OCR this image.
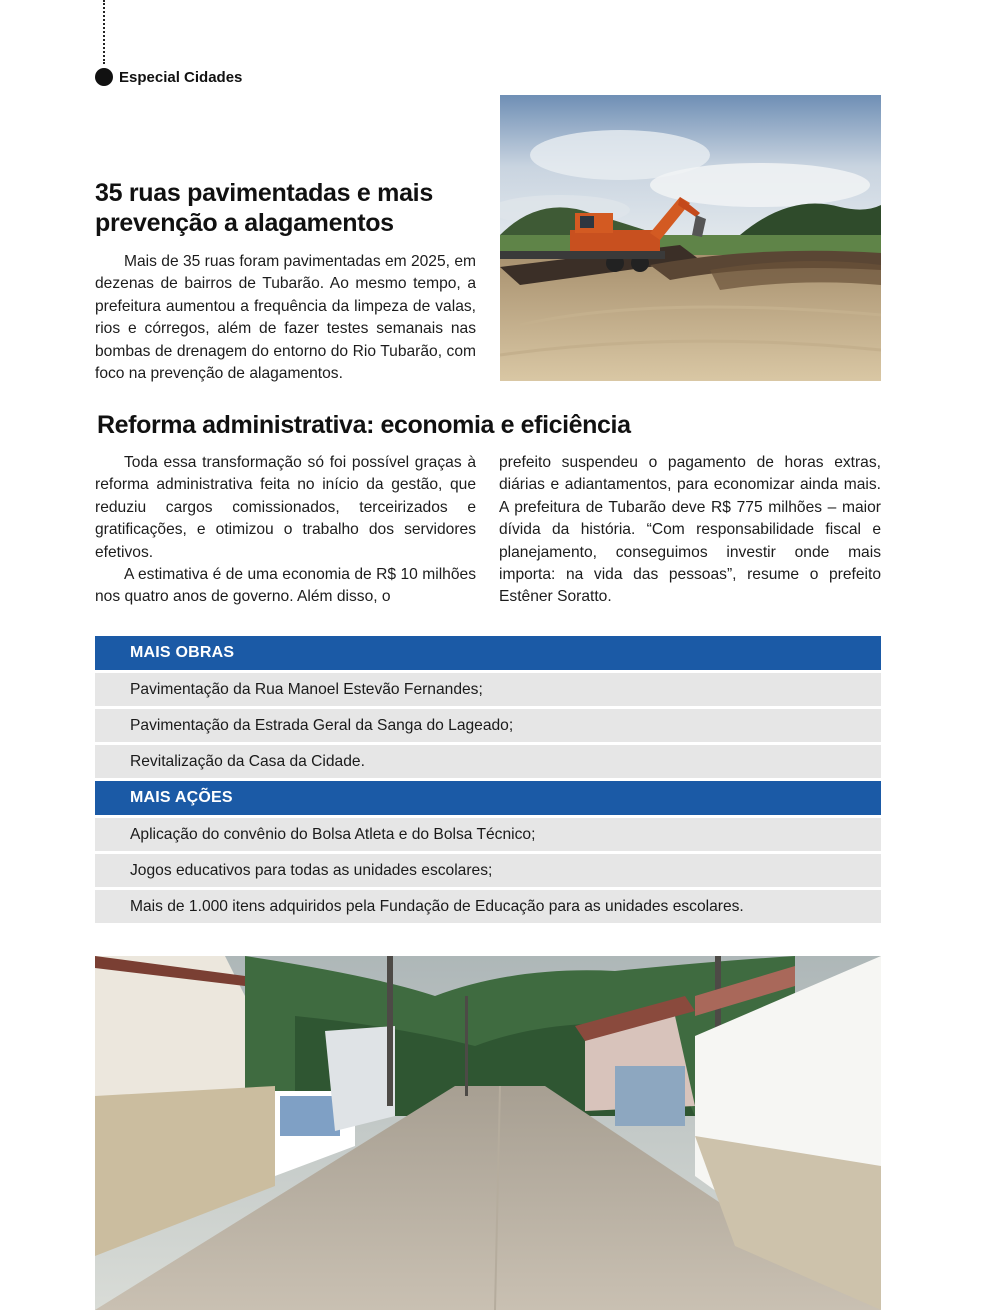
Especial Cidades
35 ruas pavimentadas e mais prevenção a alagamentos

Mais de 35 ruas foram pavimentadas em 2025, em dezenas de bairros de Tubarão. Ao mesmo tempo, a prefeitura aumentou a frequência da limpeza de valas, rios e córregos, além de fazer testes semanais nas bombas de drenagem do entorno do Rio Tubarão, com foco na prevenção de alagamentos.

Reforma administrativa: economia e eficiência

Toda essa transformação só foi possível graças à reforma administrativa feita no início da gestão, que reduziu cargos comissionados, terceirizados e gratificações, e otimizou o trabalho dos servidores efetivos.

A estimativa é de uma economia de R$ 10 milhões nos quatro anos de governo. Além disso, o

prefeito suspendeu o pagamento de horas extras, diárias e adiantamentos, para economizar ainda mais. A prefeitura de Tubarão deve R$ 775 milhões – maior dívida da história. “Com responsabilidade fiscal e planejamento, conseguimos investir onde mais importa: na vida das pessoas”, resume o prefeito Estêner Soratto.

MAIS OBRAS
Pavimentação da Rua Manoel Estevão Fernandes;
Pavimentação da Estrada Geral da Sanga do Lageado;
Revitalização da Casa da Cidade.
MAIS AÇÕES
Aplicação do convênio do Bolsa Atleta e do Bolsa Técnico;
Jogos educativos para todas as unidades escolares;
Mais de 1.000 itens adquiridos pela Fundação de Educação para as unidades escolares.
